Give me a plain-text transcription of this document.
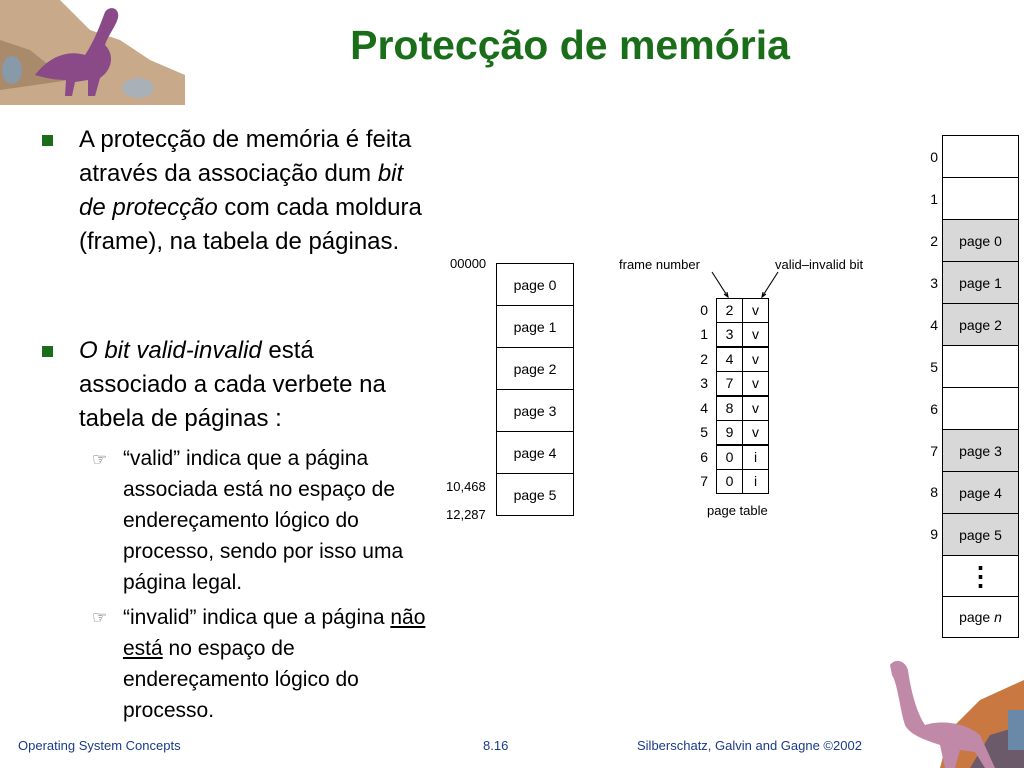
Protecção de memória
A protecção de memória é feita através da associação dum bit de protecção com cada moldura (frame), na tabela de páginas.
O bit valid-invalid está associado a cada verbete na tabela de páginas :
☞ “valid” indica que a página associada está no espaço de endereçamento lógico do processo, sendo por isso uma página legal.
☞ “invalid” indica que a página não está no espaço de endereçamento lógico do processo.
00000
10,468
12,287
page 0
page 1
page 2
page 3
page 4
page 5
frame number	valid–invalid bit
0	2	v
1	3	v
2	4	v
3	7	v
4	8	v
5	9	v
6	0	i
7	0	i
page table
0
1
2	page 0
3	page 1
4	page 2
5
6
7	page 3
8	page 4
9	page 5
⋮
page n
Operating System Concepts	8.16	Silberschatz, Galvin and Gagne ©2002
